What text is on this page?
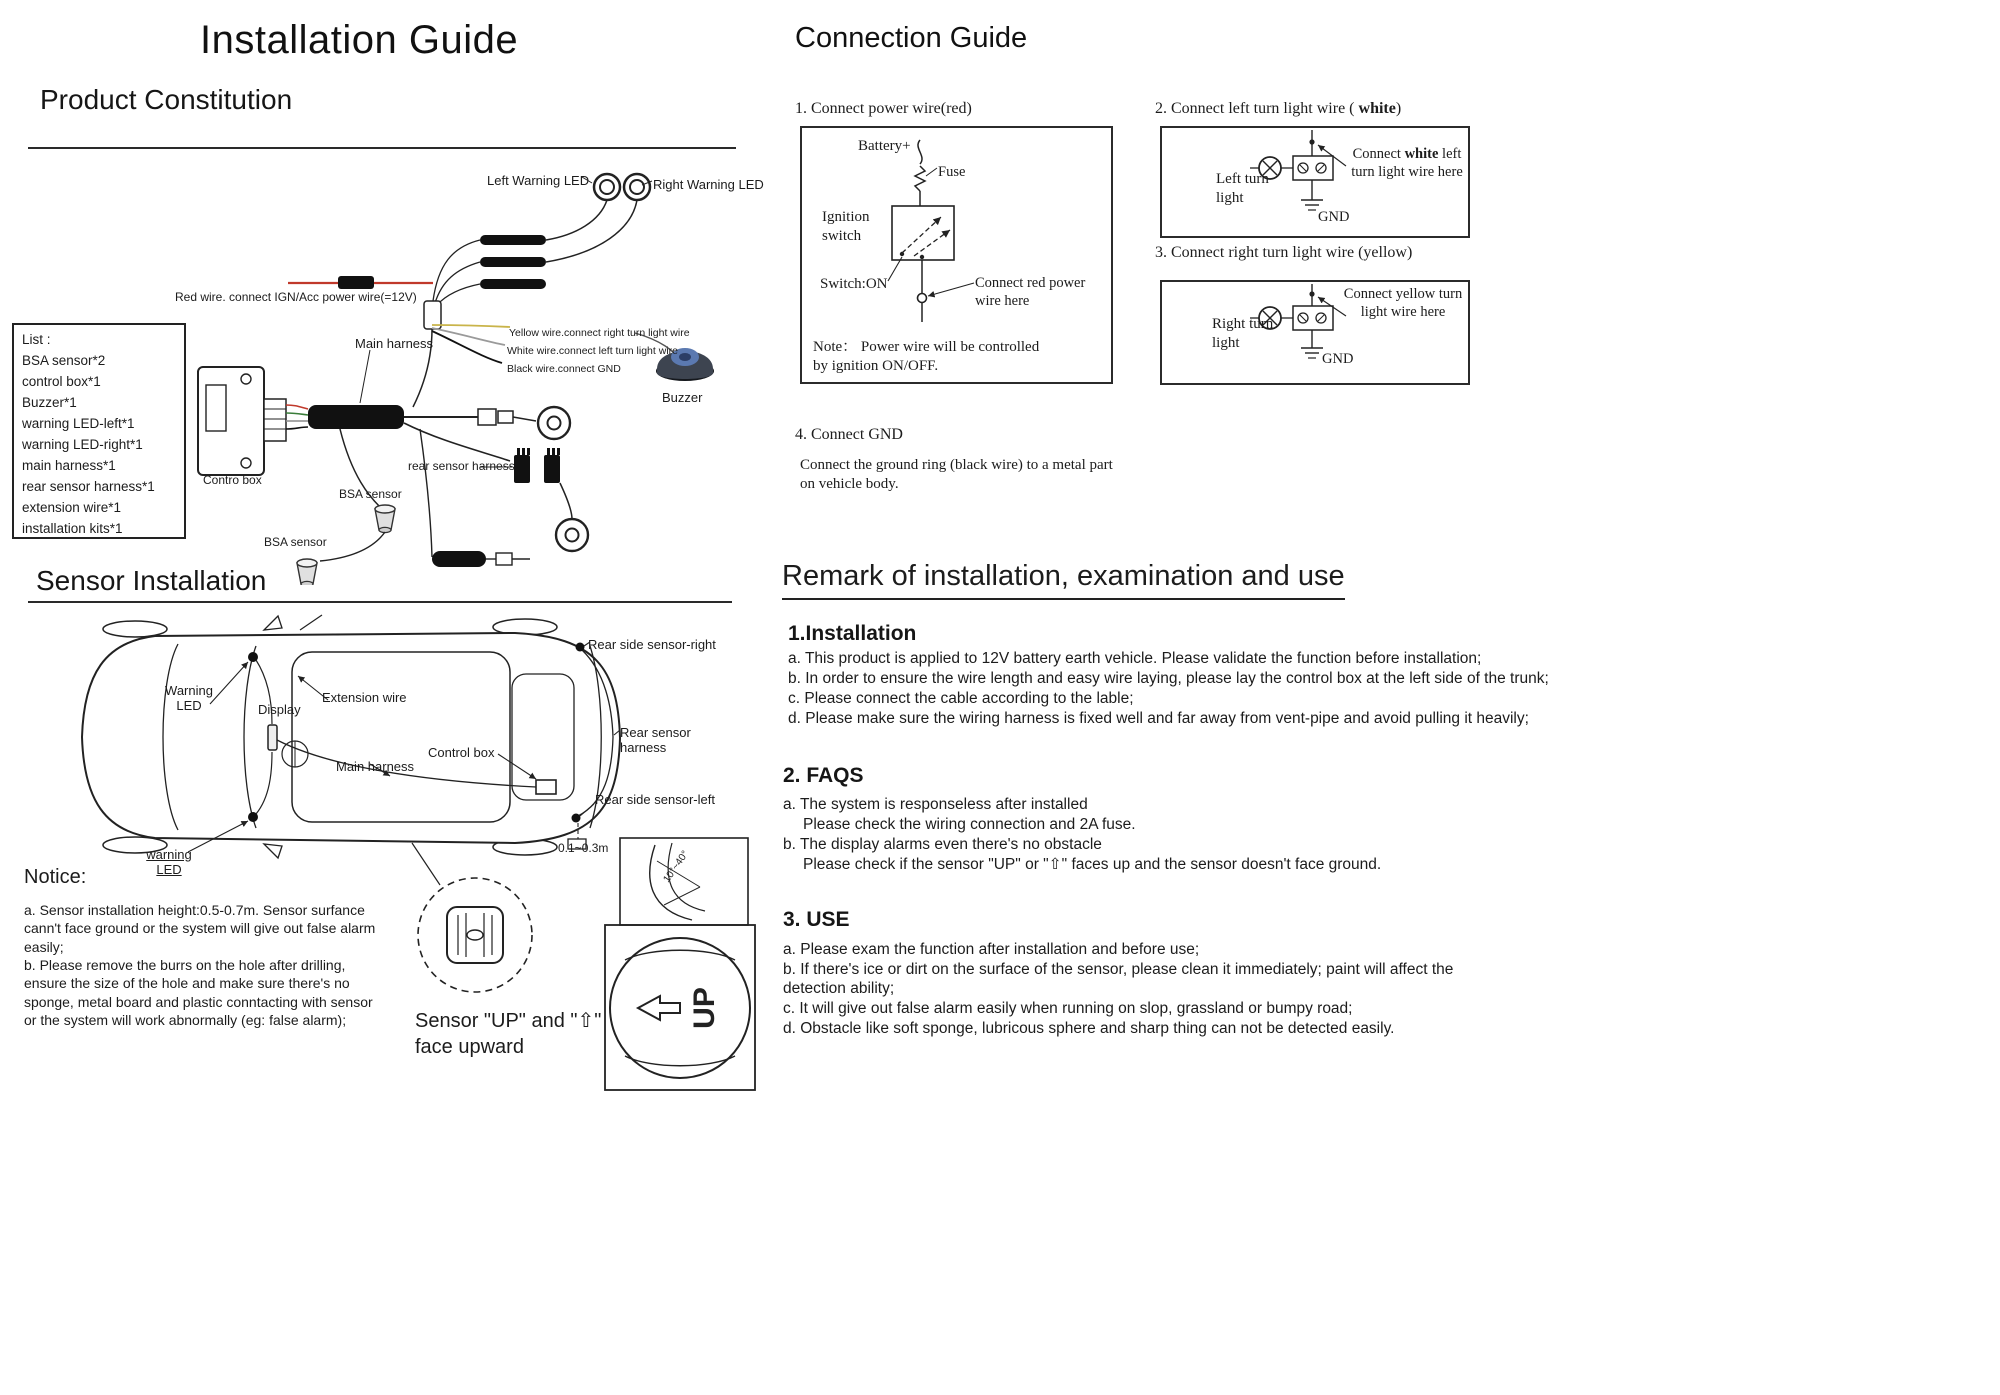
Installation Guide
Product Constitution
Left Warning LED	Right Warning LED
Red wire. connect IGN/Acc power wire(=12V)
Main harness
Yellow wire.connect right turn light wire
White wire.connect left turn light wire
Black wire.connect GND
Buzzer
rear sensor harness
BSA sensor
BSA sensor
Contro box
List :
BSA sensor*2
control box*1
Buzzer*1
warning LED-left*1
warning LED-right*1
main harness*1
rear sensor harness*1
extension wire*1
installation kits*1
Sensor Installation
Warning LED	Display
Extension wire
Main harness
Control box
Rear side sensor-right
Rear sensor harness
Rear side sensor-left
warning LED
0.1~0.3m
Notice:
a. Sensor installation height:0.5-0.7m. Sensor surfance cann't face ground or the system will give out false alarm easily;
b. Please remove the burrs on the hole after drilling, ensure the size of the hole and make sure there's no sponge, metal board and plastic conntacting with sensor or the system will work abnormally (eg: false alarm);
10°~40°
UP
Sensor "UP" and "⇧" face upward
Connection Guide
1. Connect power wire(red)
Battery+
Fuse
Ignition switch
Switch:ON	Connect red power wire here
Note： Power wire will be controlled by ignition ON/OFF.
2. Connect left turn light wire ( white)
Left turn light
Connect white left turn light wire here
GND
3. Connect right turn light wire (yellow)
Right turn light
Connect yellow turn light wire here
GND
4. Connect GND
Connect the ground ring (black wire) to a metal part on vehicle body.
Remark of installation, examination and use
1.Installation
a. This product is applied to 12V battery earth vehicle. Please validate the function before installation;
b. In order to ensure the wire length and easy wire laying, please lay the control box at the left side of the trunk;
c. Please connect the cable according to the lable;
d. Please make sure the wiring harness is fixed well and far away from vent-pipe and avoid pulling it heavily;
2. FAQS
a. The system is responseless after installed
Please check the wiring connection and 2A fuse.
b. The display alarms even there's no obstacle
Please check if the sensor "UP" or "⇧" faces up and the sensor doesn't face ground.
3. USE
a. Please exam the function after installation and before use;
b. If there's ice or dirt on the surface of the sensor, please clean it immediately; paint will affect the detection ability;
c. It will give out false alarm easily when running on slop, grassland or bumpy road;
d. Obstacle like soft sponge, lubricous sphere and sharp thing can not be detected easily.
